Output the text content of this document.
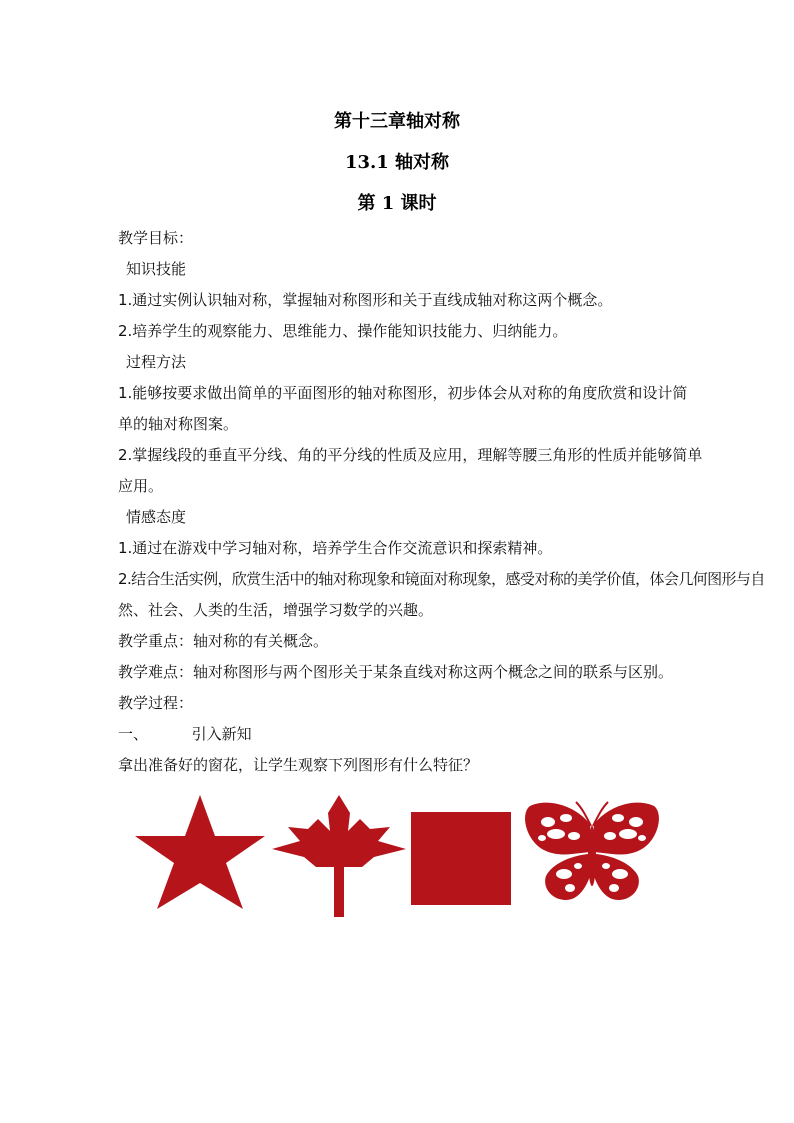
第十三章轴对称
13.1 轴对称
第 1 课时
教学目标：
知识技能
1.通过实例认识轴对称，掌握轴对称图形和关于直线成轴对称这两个概念。
2.培养学生的观察能力、思维能力、操作能知识技能力、归纳能力。
过程方法
1.能够按要求做出简单的平面图形的轴对称图形，初步体会从对称的角度欣赏和设计简
单的轴对称图案。
2.掌握线段的垂直平分线、角的平分线的性质及应用，理解等腰三角形的性质并能够简单
应用。
情感态度
1.通过在游戏中学习轴对称，培养学生合作交流意识和探索精神。
2.结合生活实例，欣赏生活中的轴对称现象和镜面对称现象，感受对称的美学价值，体会几何图形与自
然、社会、人类的生活，增强学习数学的兴趣。
教学重点：轴对称的有关概念。
教学难点：轴对称图形与两个图形关于某条直线对称这两个概念之间的联系与区别。
教学过程：
一、	引入新知
拿出准备好的窗花，让学生观察下列图形有什么特征？
